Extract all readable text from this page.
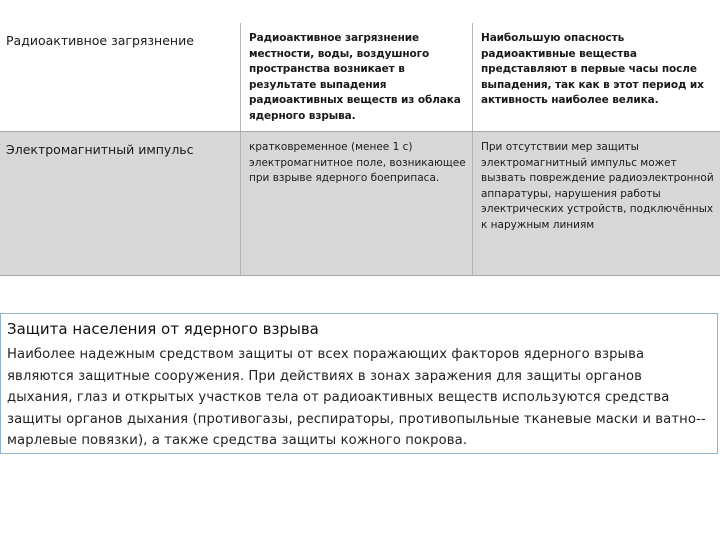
Радиоактивное загрязнение	Радиоактивное загрязнение местности, воды, воздушного пространства возникает в результате выпадения радиоактивных веществ из облака ядерного взрыва.
Наибольшую опасность радиоактивные вещества представляют в первые часы после выпадения, так как в этот период их активность наиболее велика.
Электромагнитный импульс	кратковременное (менее 1 с) электромагнитное поле, возникающее при взрыве ядерного боеприпаса.
При отсутствии мер защиты электромагнитный импульс может вызвать повреждение радиоэлектронной аппаратуры, нарушения работы электрических устройств, подключённых к наружным линиям
Защита населения от ядерного взрыва
Наиболее надежным средством защиты от всех поражающих факторов ядерного взрыва являются защитные сооружения. При действиях в зонах заражения для защиты органов дыхания, глаз и открытых участков тела от радиоактивных веществ используются средства защиты органов дыхания (противогазы, респираторы, противопыльные тканевые маски и ватно-‐марлевые повязки), а также средства защиты кожного покрова.
